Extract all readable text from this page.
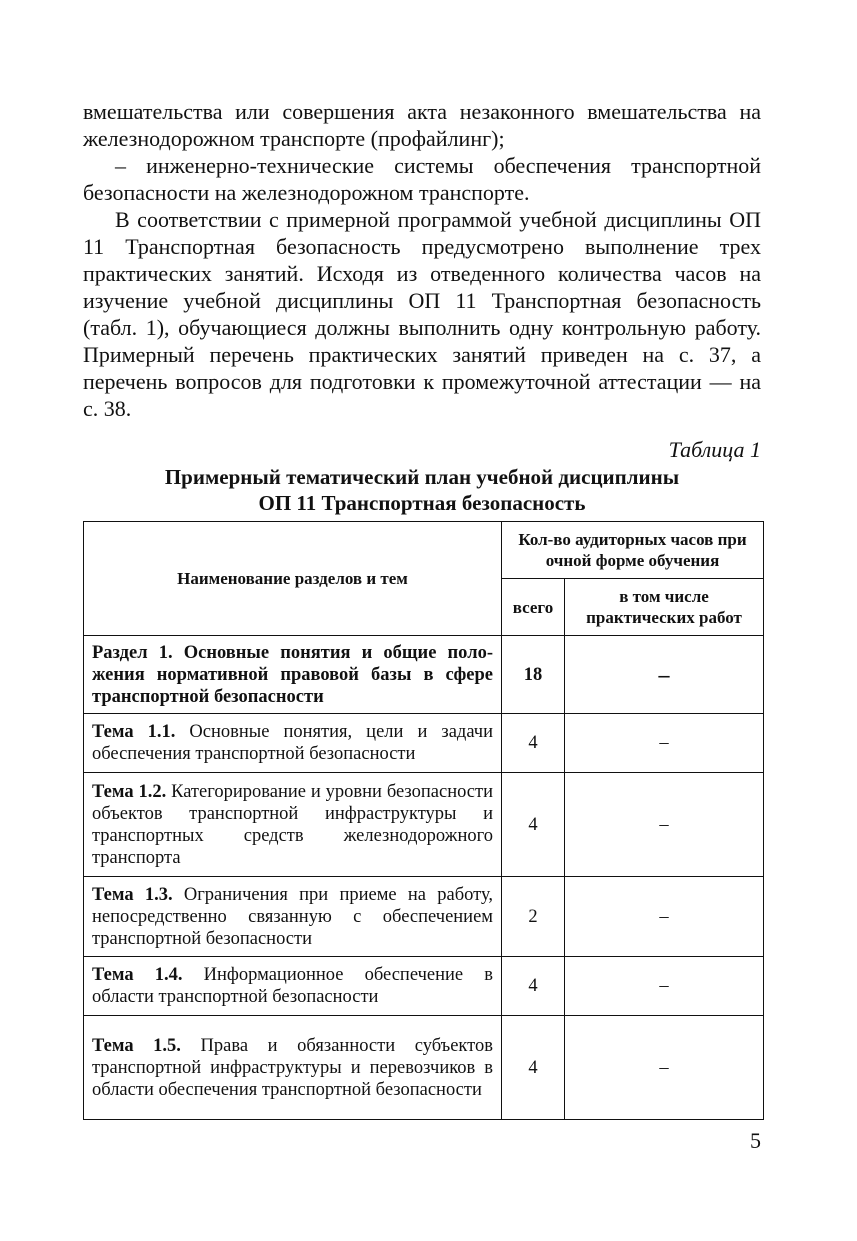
вмешательства или совершения акта незаконного вмешательства на железнодорожном транспорте (профайлинг);

– инженерно-технические системы обеспечения транспортной безопасности на железнодорожном транспорте.

В соответствии с примерной программой учебной дисциплины ОП 11 Транспортная безопасность предусмотрено выполнение трех практических занятий. Исходя из отведенного количества часов на изучение учебной дисциплины ОП 11 Транспортная безопасность (табл. 1), обучающиеся должны выполнить одну контрольную работу. Примерный перечень практических занятий приведен на с. 37, а перечень вопросов для подготовки к промежуточной аттестации — на с. 38.

Таблица 1
Примерный тематический план учебной дисциплины
ОП 11 Транспортная безопасность
Наименование разделов и тем	Кол-во аудиторных часов при очной форме обучения	
	всего	в том числе практических работ
Раздел 1. Основные понятия и общие положения нормативной правовой базы в сфере транспортной безопасности	18	–
Тема 1.1. Основные понятия, цели и задачи обеспечения транспортной безопасности	4	–
Тема 1.2. Категорирование и уровни безопасности объектов транспортной инфраструктуры и транспортных средств железнодорожного транспорта	4	–
Тема 1.3. Ограничения при приеме на работу, непосредственно связанную с обеспечением транспортной безопасности	2	–
Тема 1.4. Информационное обеспечение в области транспортной безопасности	4	–
Тема 1.5. Права и обязанности субъектов транспортной инфраструктуры и перевозчиков в области обеспечения транспортной безопасности	4	–
5
